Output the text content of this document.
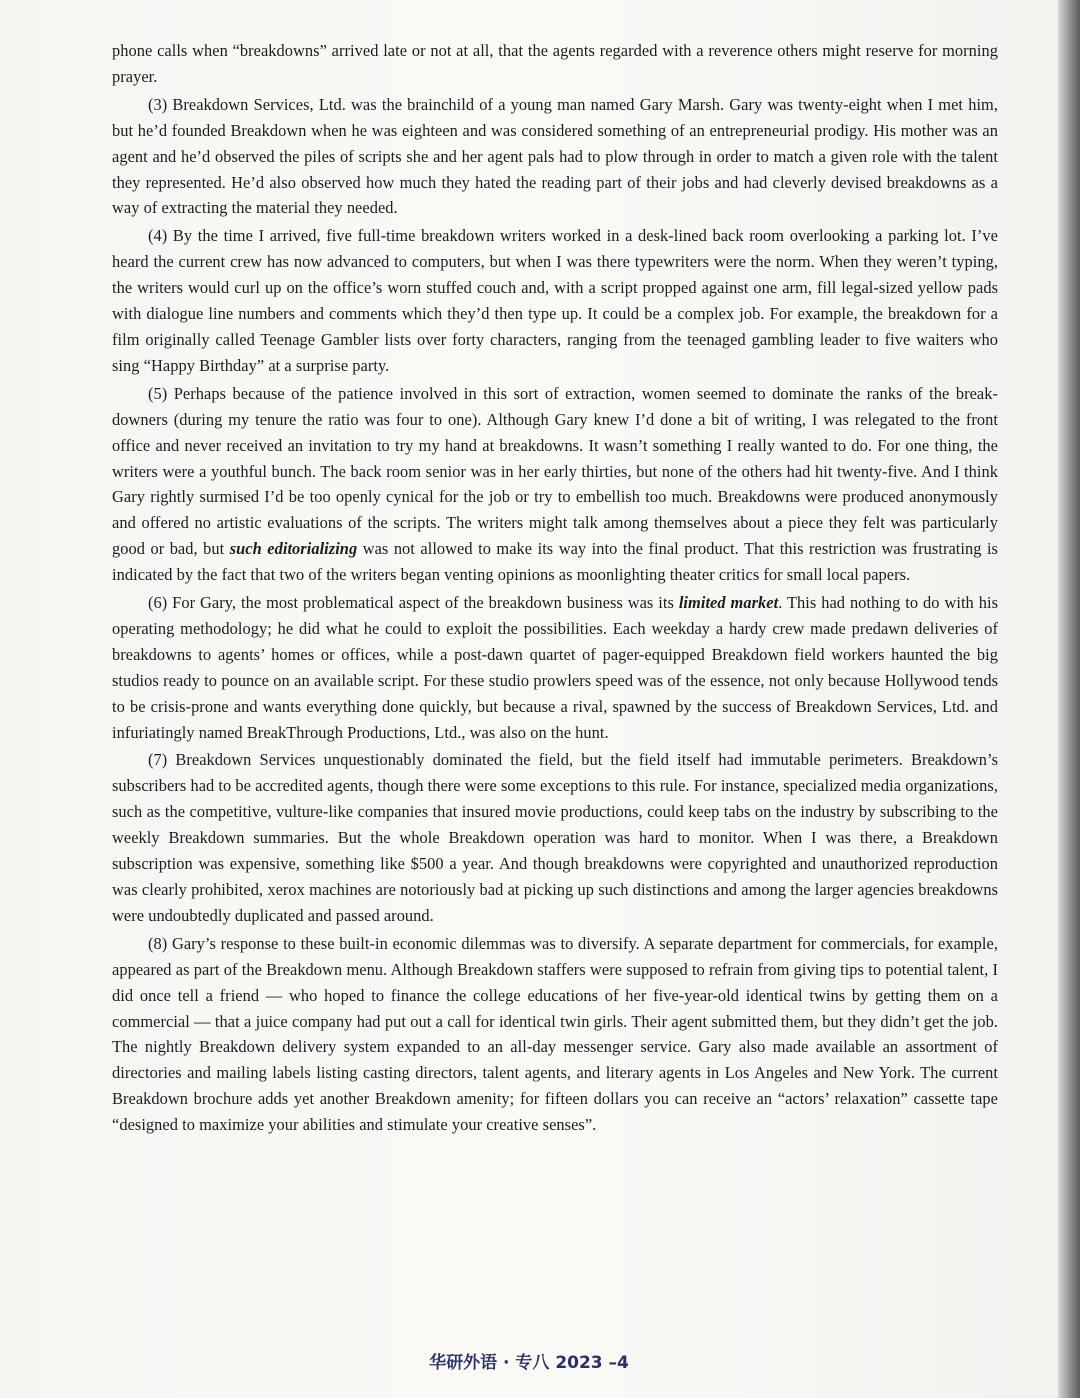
phone calls when “breakdowns” arrived late or not at all, that the agents regarded with a reverence others might reserve for morning prayer.

(3) Breakdown Services, Ltd. was the brainchild of a young man named Gary Marsh. Gary was twenty-eight when I met him, but he’d founded Breakdown when he was eighteen and was considered something of an entrepreneurial prodigy. His mother was an agent and he’d observed the piles of scripts she and her agent pals had to plow through in order to match a given role with the talent they represented. He’d also observed how much they hated the reading part of their jobs and had cleverly devised breakdowns as a way of extracting the material they needed.

(4) By the time I arrived, five full-time breakdown writers worked in a desk-lined back room overlooking a parking lot. I’ve heard the current crew has now advanced to computers, but when I was there typewriters were the norm. When they weren’t typing, the writers would curl up on the office’s worn stuffed couch and, with a script propped against one arm, fill legal-sized yellow pads with dialogue line numbers and comments which they’d then type up. It could be a complex job. For example, the breakdown for a film originally called Teenage Gambler lists over forty characters, ranging from the teenaged gambling leader to five waiters who sing “Happy Birthday” at a surprise party.

(5) Perhaps because of the patience involved in this sort of extraction, women seemed to dominate the ranks of the break-downers (during my tenure the ratio was four to one). Although Gary knew I’d done a bit of writing, I was relegated to the front office and never received an invitation to try my hand at breakdowns. It wasn’t something I really wanted to do. For one thing, the writers were a youthful bunch. The back room senior was in her early thirties, but none of the others had hit twenty-five. And I think Gary rightly surmised I’d be too openly cynical for the job or try to embellish too much. Breakdowns were produced anonymously and offered no artistic evaluations of the scripts. The writers might talk among themselves about a piece they felt was particularly good or bad, but such editorializing was not allowed to make its way into the final product. That this restriction was frustrating is indicated by the fact that two of the writers began venting opinions as moonlighting theater critics for small local papers.

(6) For Gary, the most problematical aspect of the breakdown business was its limited market. This had nothing to do with his operating methodology; he did what he could to exploit the possibilities. Each weekday a hardy crew made predawn deliveries of breakdowns to agents’ homes or offices, while a post-dawn quartet of pager-equipped Breakdown field workers haunted the big studios ready to pounce on an available script. For these studio prowlers speed was of the essence, not only because Hollywood tends to be crisis-prone and wants everything done quickly, but because a rival, spawned by the success of Breakdown Services, Ltd. and infuriatingly named BreakThrough Productions, Ltd., was also on the hunt.

(7) Breakdown Services unquestionably dominated the field, but the field itself had immutable perimeters. Breakdown’s subscribers had to be accredited agents, though there were some exceptions to this rule. For instance, specialized media organizations, such as the competitive, vulture-like companies that insured movie productions, could keep tabs on the industry by subscribing to the weekly Breakdown summaries. But the whole Breakdown operation was hard to monitor. When I was there, a Breakdown subscription was expensive, something like $500 a year. And though breakdowns were copyrighted and unauthorized reproduction was clearly prohibited, xerox machines are notoriously bad at picking up such distinctions and among the larger agencies breakdowns were undoubtedly duplicated and passed around.

(8) Gary’s response to these built-in economic dilemmas was to diversify. A separate department for commercials, for example, appeared as part of the Breakdown menu. Although Breakdown staffers were supposed to refrain from giving tips to potential talent, I did once tell a friend — who hoped to finance the college educations of her five-year-old identical twins by getting them on a commercial — that a juice company had put out a call for identical twin girls. Their agent submitted them, but they didn’t get the job. The nightly Breakdown delivery system expanded to an all-day messenger service. Gary also made available an assortment of directories and mailing labels listing casting directors, talent agents, and literary agents in Los Angeles and New York. The current Breakdown brochure adds yet another Breakdown amenity; for fifteen dollars you can receive an “actors’ relaxation” cassette tape “designed to maximize your abilities and stimulate your creative senses”.

华研外语 · 专八 2023 –4
